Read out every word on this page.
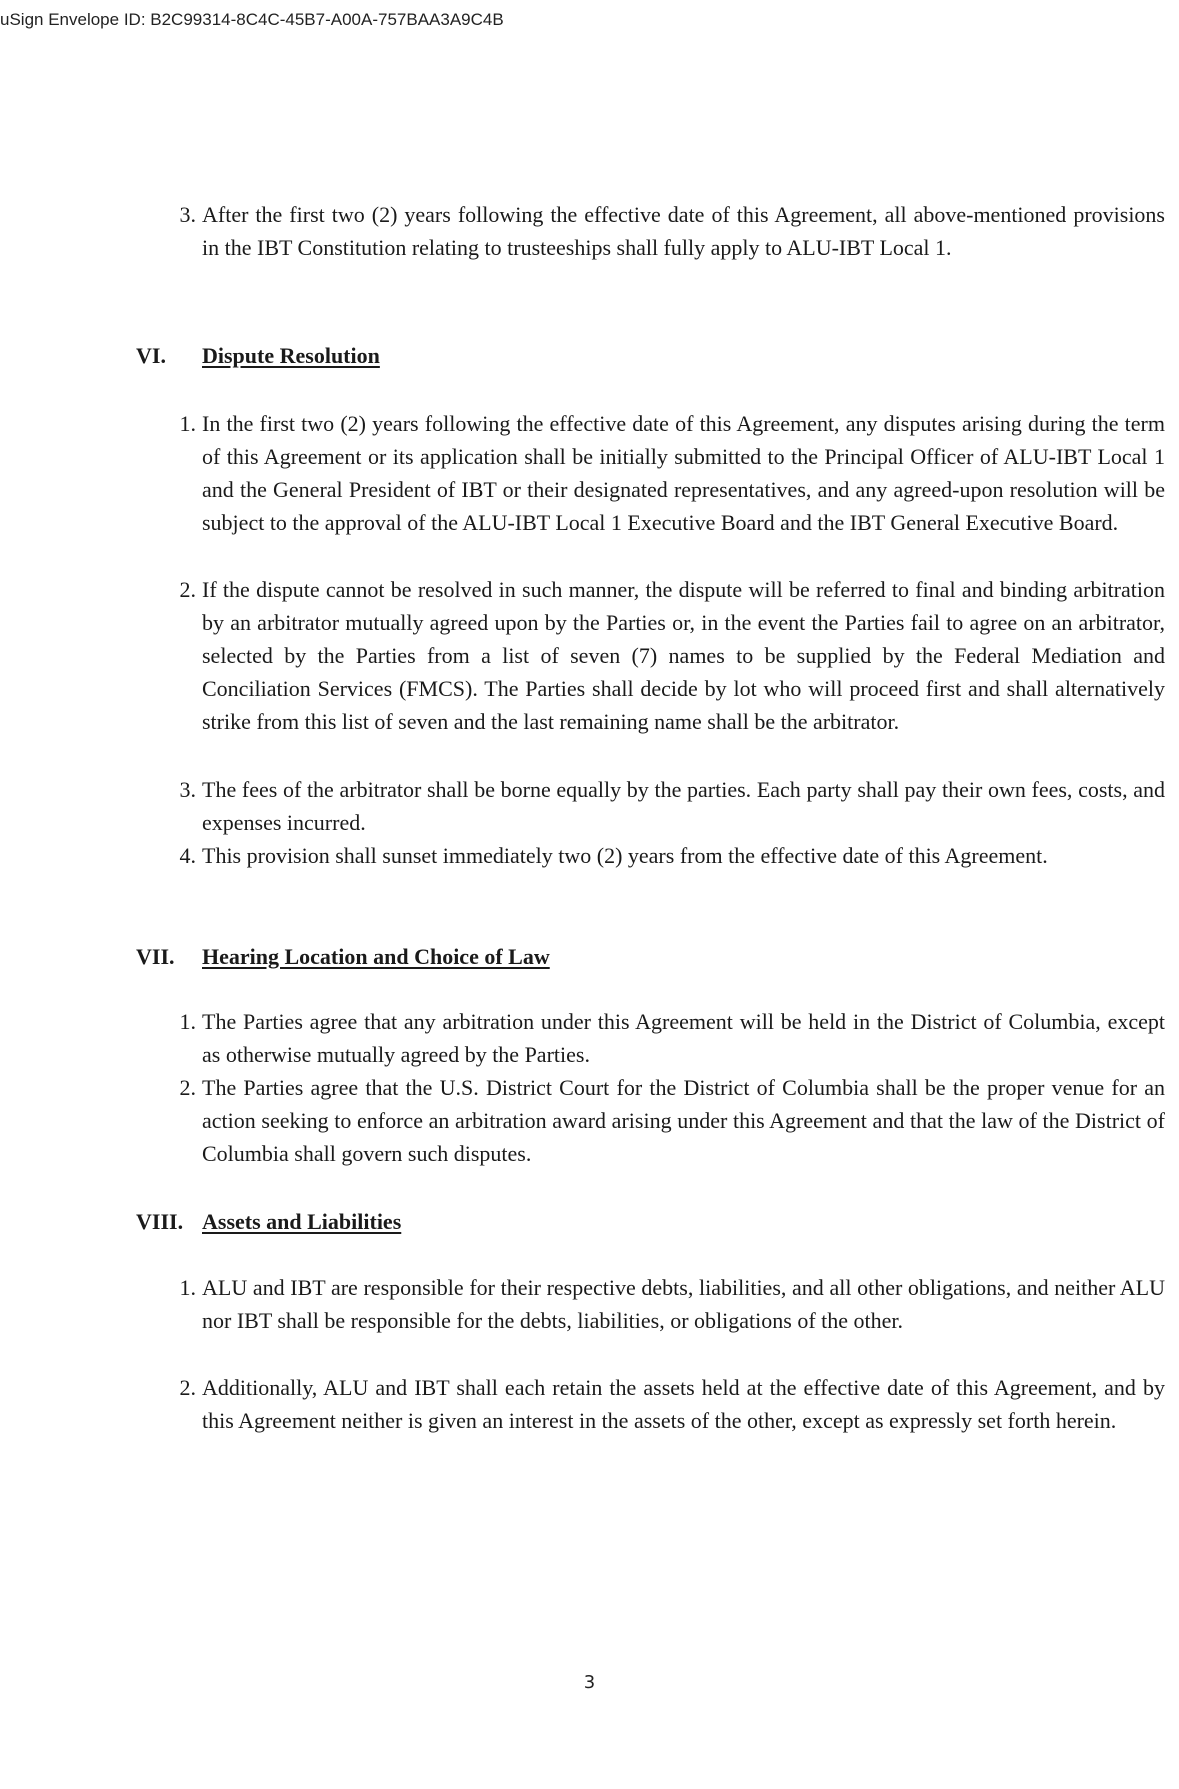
uSign Envelope ID: B2C99314-8C4C-45B7-A00A-757BAA3A9C4B
3. After the first two (2) years following the effective date of this Agreement, all above-mentioned provisions in the IBT Constitution relating to trusteeships shall fully apply to ALU-IBT Local 1.
VI. Dispute Resolution
1. In the first two (2) years following the effective date of this Agreement, any disputes arising during the term of this Agreement or its application shall be initially submitted to the Principal Officer of ALU-IBT Local 1 and the General President of IBT or their designated representatives, and any agreed-upon resolution will be subject to the approval of the ALU-IBT Local 1 Executive Board and the IBT General Executive Board.
2. If the dispute cannot be resolved in such manner, the dispute will be referred to final and binding arbitration by an arbitrator mutually agreed upon by the Parties or, in the event the Parties fail to agree on an arbitrator, selected by the Parties from a list of seven (7) names to be supplied by the Federal Mediation and Conciliation Services (FMCS). The Parties shall decide by lot who will proceed first and shall alternatively strike from this list of seven and the last remaining name shall be the arbitrator.
3. The fees of the arbitrator shall be borne equally by the parties. Each party shall pay their own fees, costs, and expenses incurred.
4. This provision shall sunset immediately two (2) years from the effective date of this Agreement.
VII. Hearing Location and Choice of Law
1. The Parties agree that any arbitration under this Agreement will be held in the District of Columbia, except as otherwise mutually agreed by the Parties.
2. The Parties agree that the U.S. District Court for the District of Columbia shall be the proper venue for an action seeking to enforce an arbitration award arising under this Agreement and that the law of the District of Columbia shall govern such disputes.
VIII. Assets and Liabilities
1. ALU and IBT are responsible for their respective debts, liabilities, and all other obligations, and neither ALU nor IBT shall be responsible for the debts, liabilities, or obligations of the other.
2. Additionally, ALU and IBT shall each retain the assets held at the effective date of this Agreement, and by this Agreement neither is given an interest in the assets of the other, except as expressly set forth herein.
3
